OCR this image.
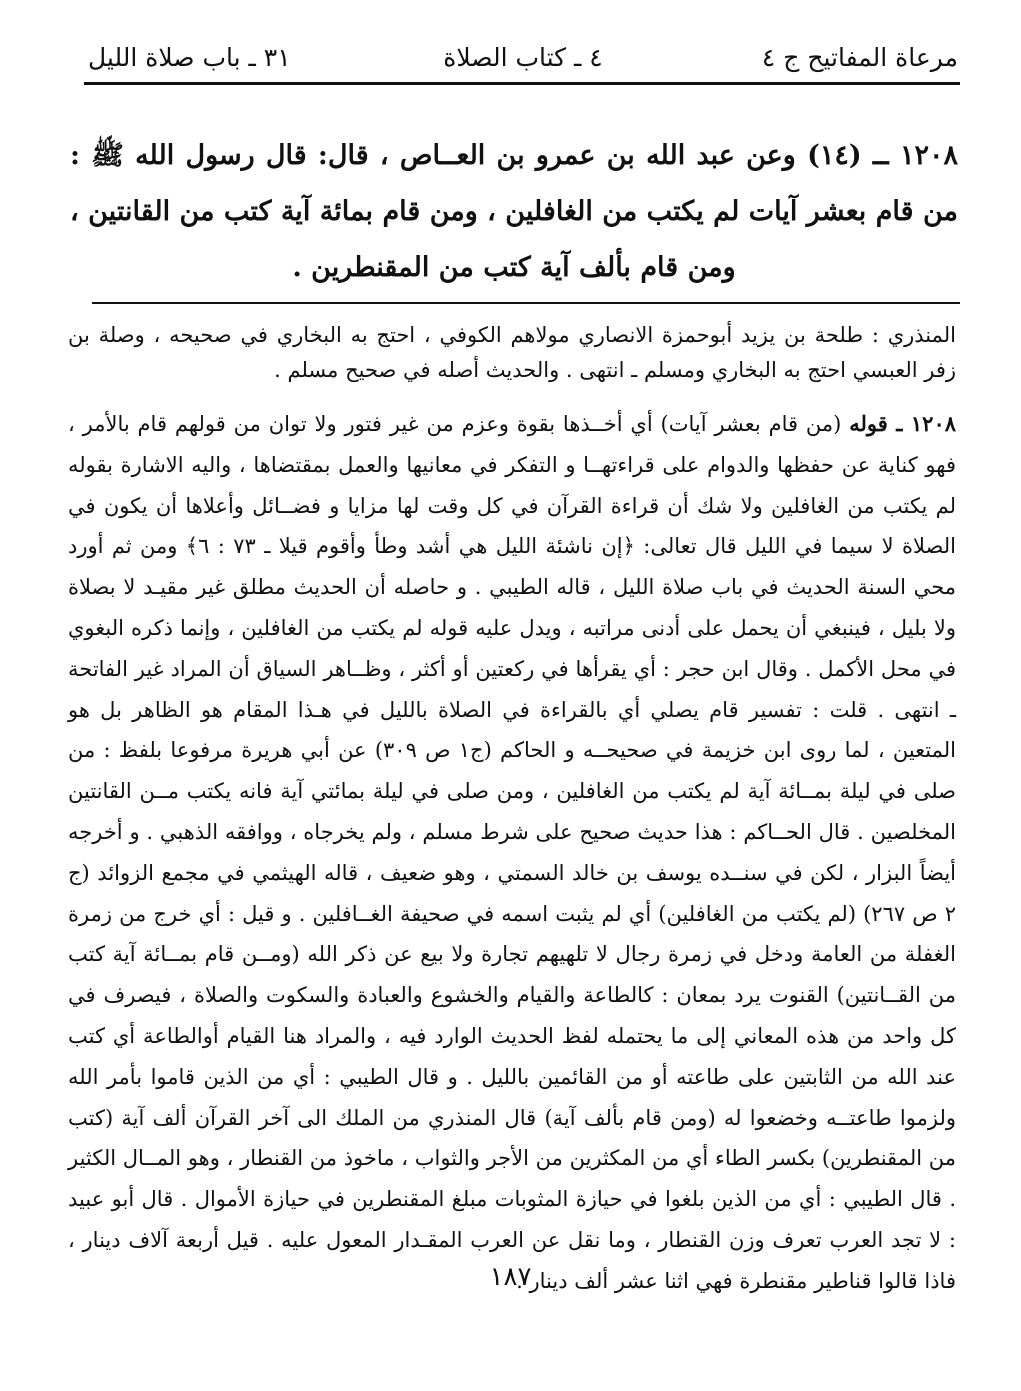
مرعاة المفاتيح ج ٤
٤ ـ كتاب الصلاة
٣١ ـ باب صلاة الليل
١٢٠٨ ــ (١٤) وعن عبد الله بن عمرو بن العــاص ، قال: قال رسول الله ﷺ : من قام بعشر آيات لم يكتب من الغافلين ، ومن قام بمائة آية كتب من القانتين ، ومن قام بألف آية كتب من المقنطرين .
المنذري : طلحة بن يزيد أبوحمزة الانصاري مولاهم الكوفي ، احتج به البخاري في صحيحه ، وصلة بن زفر العبسي احتج به البخاري ومسلم ـ انتهى . والحديث أصله في صحيح مسلم .
١٢٠٨ ـ قوله (من قام بعشر آيات) أي أخــذها بقوة وعزم من غير فتور ولا توان من قولهم قام بالأمر ، فهو كناية عن حفظها والدوام على قراءتهــا و التفكر في معانيها والعمل بمقتضاها ، واليه الاشارة بقوله لم يكتب من الغافلين ولا شك أن قراءة القرآن في كل وقت لها مزايا و فضــائل وأعلاها أن يكون في الصلاة لا سيما في الليل قال تعالى: ﴿إن ناشئة الليل هي أشد وطأ وأقوم قيلا ـ ٧٣ : ٦﴾ ومن ثم أورد محي السنة الحديث في باب صلاة الليل ، قاله الطيبي . و حاصله أن الحديث مطلق غير مقيـد لا بصلاة ولا بليل ، فينبغي أن يحمل على أدنى مراتبه ، ويدل عليه قوله لم يكتب من الغافلين ، وإنما ذكره البغوي في محل الأكمل . وقال ابن حجر : أي يقرأها في ركعتين أو أكثر ، وظــاهر السياق أن المراد غير الفاتحة ـ انتهى . قلت : تفسير قام يصلي أي بالقراءة في الصلاة بالليل في هـذا المقام هو الظاهر بل هو المتعين ، لما روى ابن خزيمة في صحيحــه و الحاكم (ج١ ص ٣٠٩) عن أبي هريرة مرفوعا بلفظ : من صلى في ليلة بمــائة آية لم يكتب من الغافلين ، ومن صلى في ليلة بمائتي آية فانه يكتب مــن القانتين المخلصين . قال الحــاكم : هذا حديث صحيح على شرط مسلم ، ولم يخرجاه ، ووافقه الذهبي . و أخرجه أيضاً البزار ، لكن في سنــده يوسف بن خالد السمتي ، وهو ضعيف ، قاله الهيثمي في مجمع الزوائد (ج ٢ ص ٢٦٧) (لم يكتب من الغافلين) أي لم يثبت اسمه في صحيفة الغــافلين . و قيل : أي خرج من زمرة الغفلة من العامة ودخل في زمرة رجال لا تلهيهم تجارة ولا بيع عن ذكر الله (ومــن قام بمــائة آية كتب من القــانتين) القنوت يرد بمعان : كالطاعة والقيام والخشوع والعبادة والسكوت والصلاة ، فيصرف في كل واحد من هذه المعاني إلى ما يحتمله لفظ الحديث الوارد فيه ، والمراد هنا القيام أوالطاعة أي كتب عند الله من الثابتين على طاعته أو من القائمين بالليل . و قال الطيبي : أي من الذين قاموا بأمر الله ولزموا طاعتــه وخضعوا له (ومن قام بألف آية) قال المنذري من الملك الى آخر القرآن ألف آية (كتب من المقنطرين) بكسر الطاء أي من المكثرين من الأجر والثواب ، ماخوذ من القنطار ، وهو المــال الكثير . قال الطيبي : أي من الذين بلغوا في حيازة المثوبات مبلغ المقنطرين في حيازة الأموال . قال أبو عبيد : لا تجد العرب تعرف وزن القنطار ، وما نقل عن العرب المقـدار المعول عليه . قيل أربعة آلاف دينار ، فاذا قالوا قناطير مقنطرة فهي اثنا عشر ألف دينار .
١٨٧
